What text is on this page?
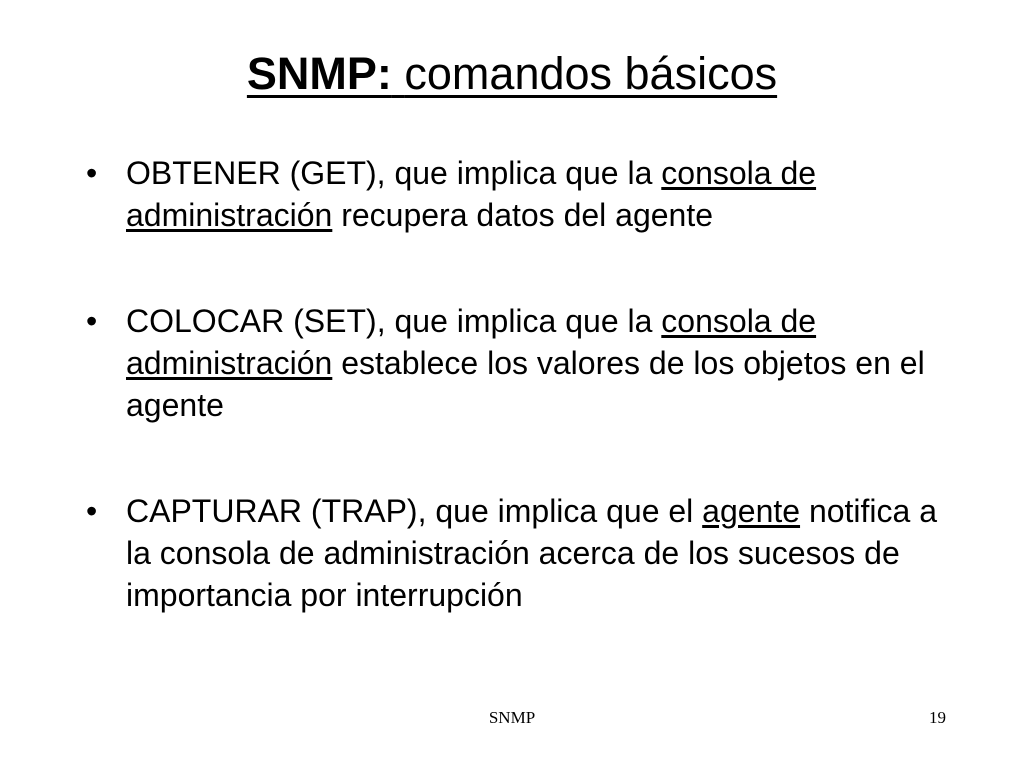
SNMP: comandos básicos
• OBTENER (GET), que implica que la consola de administración recupera datos del agente
• COLOCAR (SET), que implica que la consola de administración establece los valores de los objetos en el agente
• CAPTURAR (TRAP), que implica que el agente notifica a la consola de administración acerca de los sucesos de importancia por interrupción
SNMP	19
